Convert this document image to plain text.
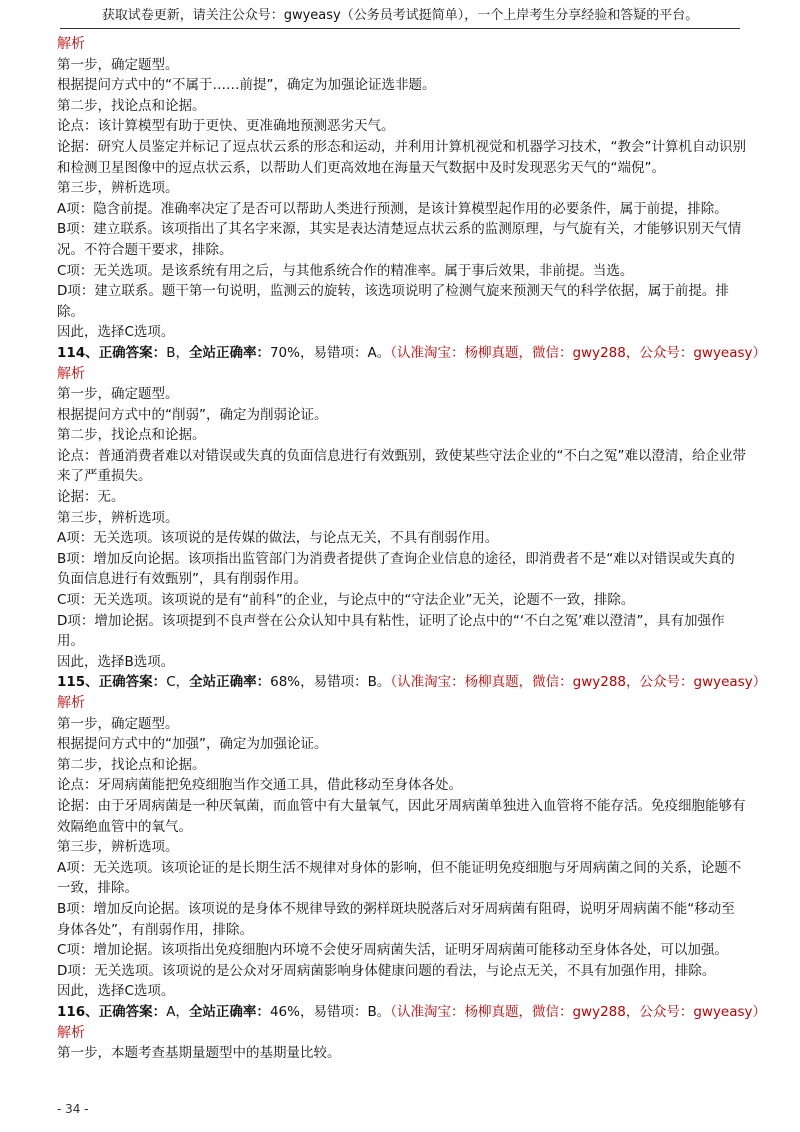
获取试卷更新，请关注公众号：gwyeasy（公务员考试挺简单），一个上岸考生分享经验和答疑的平台。

解析

第一步，确定题型。

根据提问方式中的“不属于……前提”，确定为加强论证选非题。

第二步，找论点和论据。

论点：该计算模型有助于更快、更准确地预测恶劣天气。

论据：研究人员鉴定并标记了逗点状云系的形态和运动，并利用计算机视觉和机器学习技术，“教会”计算机自动识别和检测卫星图像中的逗点状云系，以帮助人们更高效地在海量天气数据中及时发现恶劣天气的“端倪”。

第三步，辨析选项。

A项：隐含前提。准确率决定了是否可以帮助人类进行预测，是该计算模型起作用的必要条件，属于前提，排除。

B项：建立联系。该项指出了其名字来源，其实是表达清楚逗点状云系的监测原理，与气旋有关，才能够识别天气情况。不符合题干要求，排除。

C项：无关选项。是该系统有用之后，与其他系统合作的精准率。属于事后效果，非前提。当选。

D项：建立联系。题干第一句说明，监测云的旋转，该选项说明了检测气旋来预测天气的科学依据，属于前提。排除。

因此，选择C选项。

114、正确答案：B，全站正确率：70%，易错项：A。（认准淘宝：杨柳真题，微信：gwy288，公众号：gwyeasy）

解析

第一步，确定题型。

根据提问方式中的“削弱”，确定为削弱论证。

第二步，找论点和论据。

论点：普通消费者难以对错误或失真的负面信息进行有效甄别，致使某些守法企业的“不白之冤”难以澄清，给企业带来了严重损失。

论据：无。

第三步，辨析选项。

A项：无关选项。该项说的是传媒的做法，与论点无关，不具有削弱作用。

B项：增加反向论据。该项指出监管部门为消费者提供了查询企业信息的途径，即消费者不是“难以对错误或失真的负面信息进行有效甄别”，具有削弱作用。

C项：无关选项。该项说的是有“前科”的企业，与论点中的“守法企业”无关，论题不一致，排除。

D项：增加论据。该项提到不良声誉在公众认知中具有粘性，证明了论点中的“‘不白之冤’难以澄清”，具有加强作用。

因此，选择B选项。

115、正确答案：C，全站正确率：68%，易错项：B。（认准淘宝：杨柳真题，微信：gwy288，公众号：gwyeasy）

解析

第一步，确定题型。

根据提问方式中的“加强”，确定为加强论证。

第二步，找论点和论据。

论点：牙周病菌能把免疫细胞当作交通工具，借此移动至身体各处。

论据：由于牙周病菌是一种厌氧菌，而血管中有大量氧气，因此牙周病菌单独进入血管将不能存活。免疫细胞能够有效隔绝血管中的氧气。

第三步，辨析选项。

A项：无关选项。该项论证的是长期生活不规律对身体的影响，但不能证明免疫细胞与牙周病菌之间的关系，论题不一致，排除。

B项：增加反向论据。该项说的是身体不规律导致的粥样斑块脱落后对牙周病菌有阻碍，说明牙周病菌不能“移动至身体各处”，有削弱作用，排除。

C项：增加论据。该项指出免疫细胞内环境不会使牙周病菌失活，证明牙周病菌可能移动至身体各处，可以加强。

D项：无关选项。该项说的是公众对牙周病菌影响身体健康问题的看法，与论点无关，不具有加强作用，排除。

因此，选择C选项。

116、正确答案：A，全站正确率：46%，易错项：B。（认准淘宝：杨柳真题，微信：gwy288，公众号：gwyeasy）

解析

第一步，本题考查基期量题型中的基期量比较。

- 34 -
